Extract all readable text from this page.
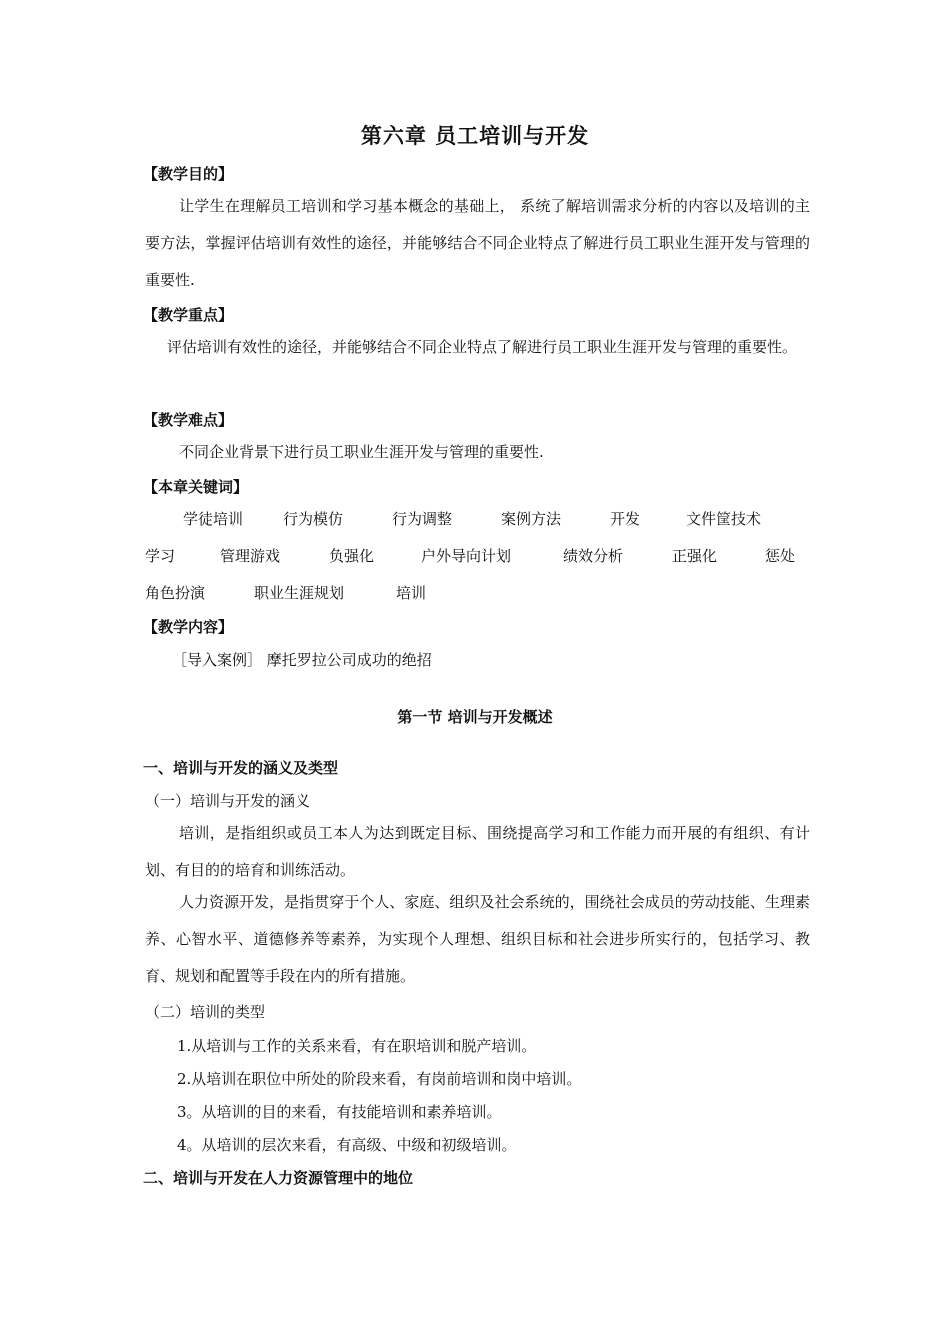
第六章 员工培训与开发
【教学目的】
让学生在理解员工培训和学习基本概念的基础上， 系统了解培训需求分析的内容以及培训的主要方法，掌握评估培训有效性的途径，并能够结合不同企业特点了解进行员工职业生涯开发与管理的重要性.
【教学重点】
评估培训有效性的途径，并能够结合不同企业特点了解进行员工职业生涯开发与管理的重要性。
【教学难点】
不同企业背景下进行员工职业生涯开发与管理的重要性.
【本章关键词】
学徒培训	行为模仿	行为调整	案例方法	开发	文件筐技术
学习	管理游戏	负强化	户外导向计划	绩效分析	正强化	惩处
角色扮演	职业生涯规划	培训
【教学内容】
［导入案例］ 摩托罗拉公司成功的绝招
第一节 培训与开发概述
一、培训与开发的涵义及类型
（一）培训与开发的涵义
培训，是指组织或员工本人为达到既定目标、围绕提高学习和工作能力而开展的有组织、有计划、有目的的培育和训练活动。
人力资源开发，是指贯穿于个人、家庭、组织及社会系统的，围绕社会成员的劳动技能、生理素养、心智水平、道德修养等素养，为实现个人理想、组织目标和社会进步所实行的，包括学习、教育、规划和配置等手段在内的所有措施。
（二）培训的类型
1.从培训与工作的关系来看，有在职培训和脱产培训。
2.从培训在职位中所处的阶段来看，有岗前培训和岗中培训。
3。从培训的目的来看，有技能培训和素养培训。
4。从培训的层次来看，有高级、中级和初级培训。
二、培训与开发在人力资源管理中的地位
